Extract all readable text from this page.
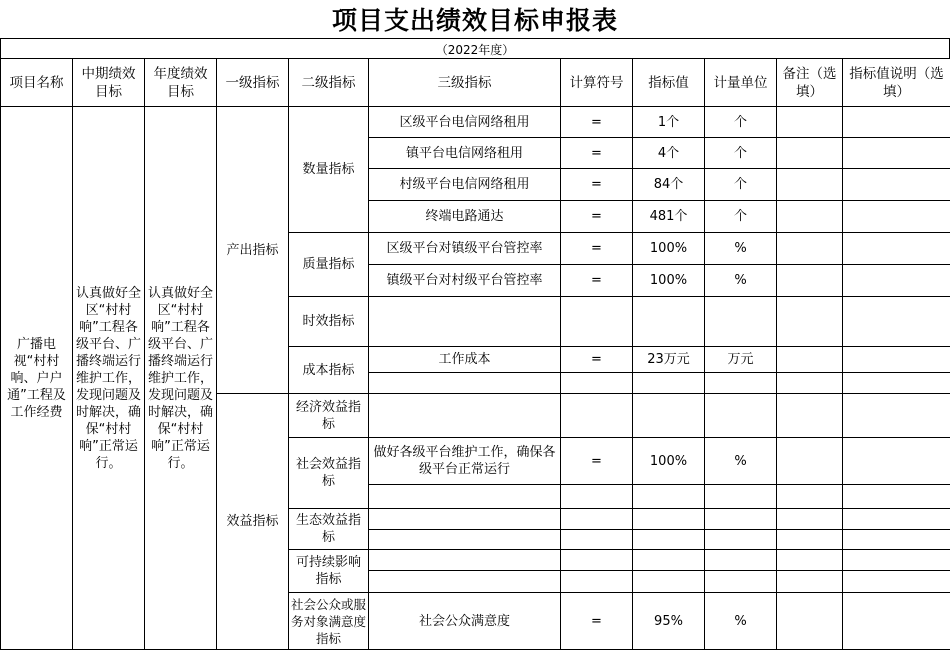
项目支出绩效目标申报表
（2022年度）
项目名称	中期绩效目标	年度绩效目标	一级指标	二级指标	三级指标	计算符号	指标值	计量单位	备注（选填）	指标值说明（选填）
广播电视“村村响、户户通”工程及工作经费	认真做好全区“村村响”工程各级平台、广播终端运行维护工作，发现问题及时解决，确保“村村响”正常运行。	认真做好全区“村村响”工程各级平台、广播终端运行维护工作，发现问题及时解决，确保“村村响”正常运行。	产出指标	数量指标	区级平台电信网络租用	=	1个	个		
					镇平台电信网络租用	=	4个	个		
					村级平台电信网络租用	=	84个	个		
					终端电路通达	=	481个	个		
				质量指标	区级平台对镇级平台管控率	=	100%	%		
					镇级平台对村级平台管控率	=	100%	%		
				时效指标						
				成本指标	工作成本	=	23万元	万元		

			效益指标	经济效益指标						
				社会效益指标	做好各级平台维护工作，确保各级平台正常运行	=	100%	%		

				生态效益指标						

				可持续影响指标						

				社会公众或服务对象满意度指标	社会公众满意度	=	95%	%		
